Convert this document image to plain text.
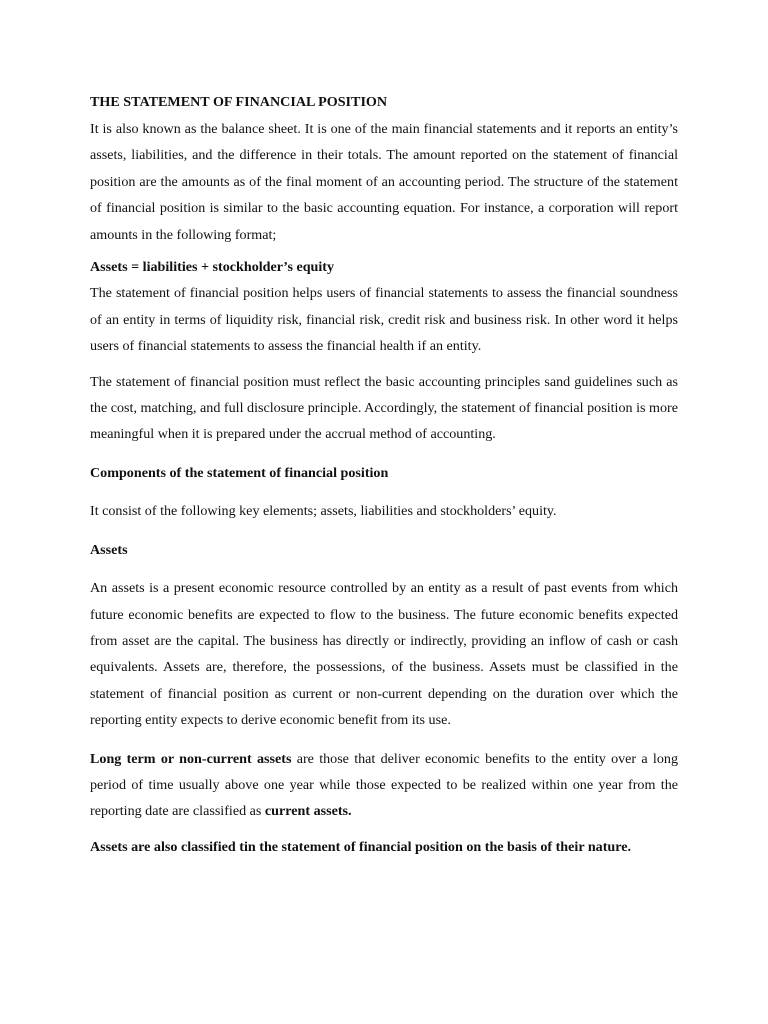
THE STATEMENT OF FINANCIAL POSITION

It is also known as the balance sheet. It is one of the main financial statements and it reports an entity’s assets, liabilities, and the difference in their totals. The amount reported on the statement of financial position are the amounts as of the final moment of an accounting period. The structure of the statement of financial position is similar to the basic accounting equation. For instance, a corporation will report amounts in the following format;

Assets = liabilities + stockholder’s equity

The statement of financial position helps users of financial statements to assess the financial soundness of an entity in terms of liquidity risk, financial risk, credit risk and business risk. In other word it helps users of financial statements to assess the financial health if an entity.

The statement of financial position must reflect the basic accounting principles sand guidelines such as the cost, matching, and full disclosure principle. Accordingly, the statement of financial position is more meaningful when it is prepared under the accrual method of accounting.

Components of the statement of financial position

It consist of the following key elements; assets, liabilities and stockholders’ equity.

Assets

An assets is a present economic resource controlled by an entity as a result of past events from which future economic benefits are expected to flow to the business. The future economic benefits expected from asset are the capital. The business has directly or indirectly, providing an inflow of cash or cash equivalents. Assets are, therefore, the possessions, of the business. Assets must be classified in the statement of financial position as current or non-current depending on the duration over which the reporting entity expects to derive economic benefit from its use.

Long term or non-current assets are those that deliver economic benefits to the entity over a long period of time usually above one year while those expected to be realized within one year from the reporting date are classified as current assets.

Assets are also classified tin the statement of financial position on the basis of their nature.
